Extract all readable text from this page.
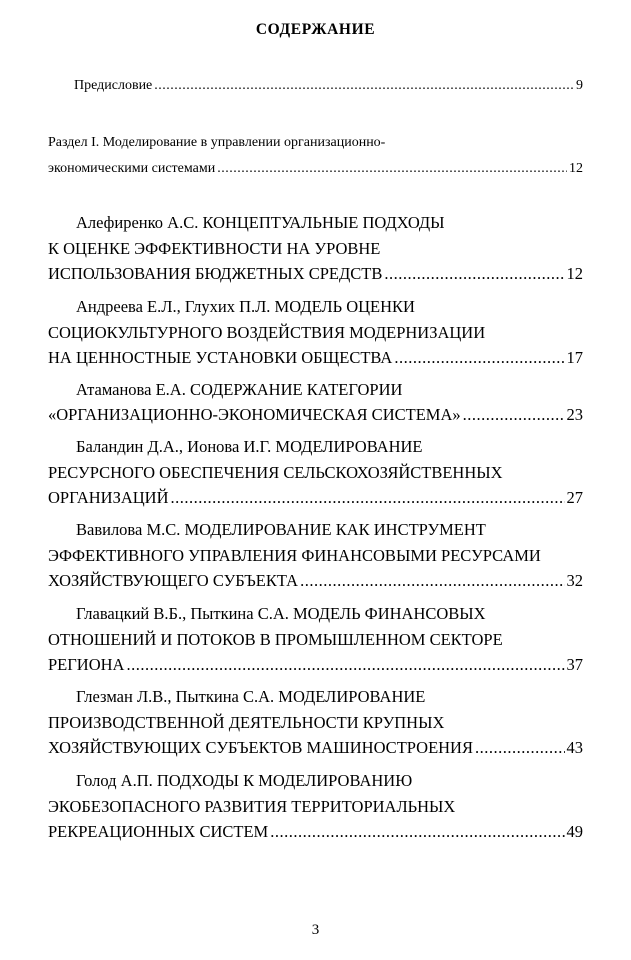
СОДЕРЖАНИЕ
Предисловие .....	9
Раздел I. Моделирование в управлении организационно-
экономическими системами .....	12
Алефиренко А.С. КОНЦЕПТУАЛЬНЫЕ ПОДХОДЫ
К ОЦЕНКЕ ЭФФЕКТИВНОСТИ НА УРОВНЕ
ИСПОЛЬЗОВАНИЯ БЮДЖЕТНЫХ СРЕДСТВ .....	12
Андреева Е.Л., Глухих П.Л. МОДЕЛЬ ОЦЕНКИ
СОЦИОКУЛЬТУРНОГО ВОЗДЕЙСТВИЯ МОДЕРНИЗАЦИИ
НА ЦЕННОСТНЫЕ УСТАНОВКИ ОБЩЕСТВА .....	17
Атаманова Е.А. СОДЕРЖАНИЕ КАТЕГОРИИ
«ОРГАНИЗАЦИОННО-ЭКОНОМИЧЕСКАЯ СИСТЕМА» .....	23
Баландин Д.А., Ионова И.Г. МОДЕЛИРОВАНИЕ
РЕСУРСНОГО ОБЕСПЕЧЕНИЯ СЕЛЬСКОХОЗЯЙСТВЕННЫХ
ОРГАНИЗАЦИЙ .....	27
Вавилова М.С. МОДЕЛИРОВАНИЕ КАК ИНСТРУМЕНТ
ЭФФЕКТИВНОГО УПРАВЛЕНИЯ ФИНАНСОВЫМИ РЕСУРСАМИ
ХОЗЯЙСТВУЮЩЕГО СУБЪЕКТА .....	32
Главацкий В.Б., Пыткина С.А. МОДЕЛЬ ФИНАНСОВЫХ
ОТНОШЕНИЙ И ПОТОКОВ В ПРОМЫШЛЕННОМ СЕКТОРЕ
РЕГИОНА .....	37
Глезман Л.В., Пыткина С.А. МОДЕЛИРОВАНИЕ
ПРОИЗВОДСТВЕННОЙ ДЕЯТЕЛЬНОСТИ КРУПНЫХ
ХОЗЯЙСТВУЮЩИХ СУБЪЕКТОВ МАШИНОСТРОЕНИЯ .....	43
Голод А.П. ПОДХОДЫ К МОДЕЛИРОВАНИЮ
ЭКОБЕЗОПАСНОГО РАЗВИТИЯ ТЕРРИТОРИАЛЬНЫХ
РЕКРЕАЦИОННЫХ СИСТЕМ .....	49
3
